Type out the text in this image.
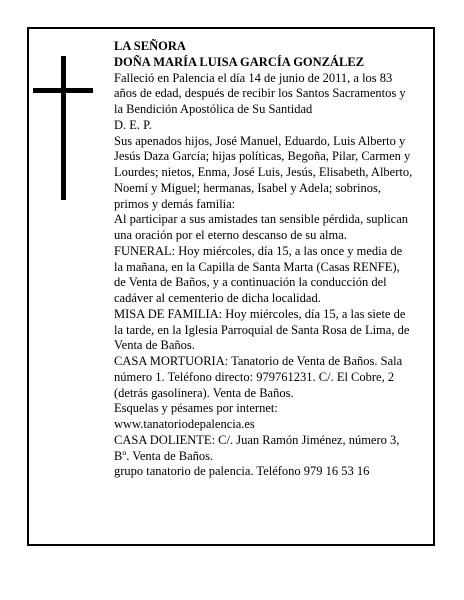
LA SEÑORA

DOÑA MARÍA LUISA GARCÍA GONZÁLEZ

Falleció en Palencia el día 14 de junio de 2011, a los 83 años de edad, después de recibir los Santos Sacramentos y la Bendición Apostólica de Su Santidad

D. E. P.

Sus apenados hijos, José Manuel, Eduardo, Luis Alberto y Jesús Daza García; hijas políticas, Begoña, Pilar, Carmen y Lourdes; nietos, Enma, José Luis, Jesús, Elisabeth, Alberto, Noemí y Miguel; hermanas, Isabel y Adela; sobrinos, primos y demás familia:

Al participar a sus amistades tan sensible pérdida, suplican una oración por el eterno descanso de su alma.

FUNERAL: Hoy miércoles, día 15, a las once y media de la mañana, en la Capilla de Santa Marta (Casas RENFE), de Venta de Baños, y a continuación la conducción del cadáver al cementerio de dicha localidad.

MISA DE FAMILIA: Hoy miércoles, día 15, a las siete de la tarde, en la Iglesia Parroquial de Santa Rosa de Lima, de Venta de Baños.

CASA MORTUORIA: Tanatorio de Venta de Baños. Sala número 1. Teléfono directo: 979761231. C/. El Cobre, 2 (detrás gasolinera). Venta de Baños.

Esquelas y pésames por internet:

www.tanatoriodepalencia.es

CASA DOLIENTE: C/. Juan Ramón Jiménez, número 3, Bº. Venta de Baños.

grupo tanatorio de palencia. Teléfono 979 16 53 16
